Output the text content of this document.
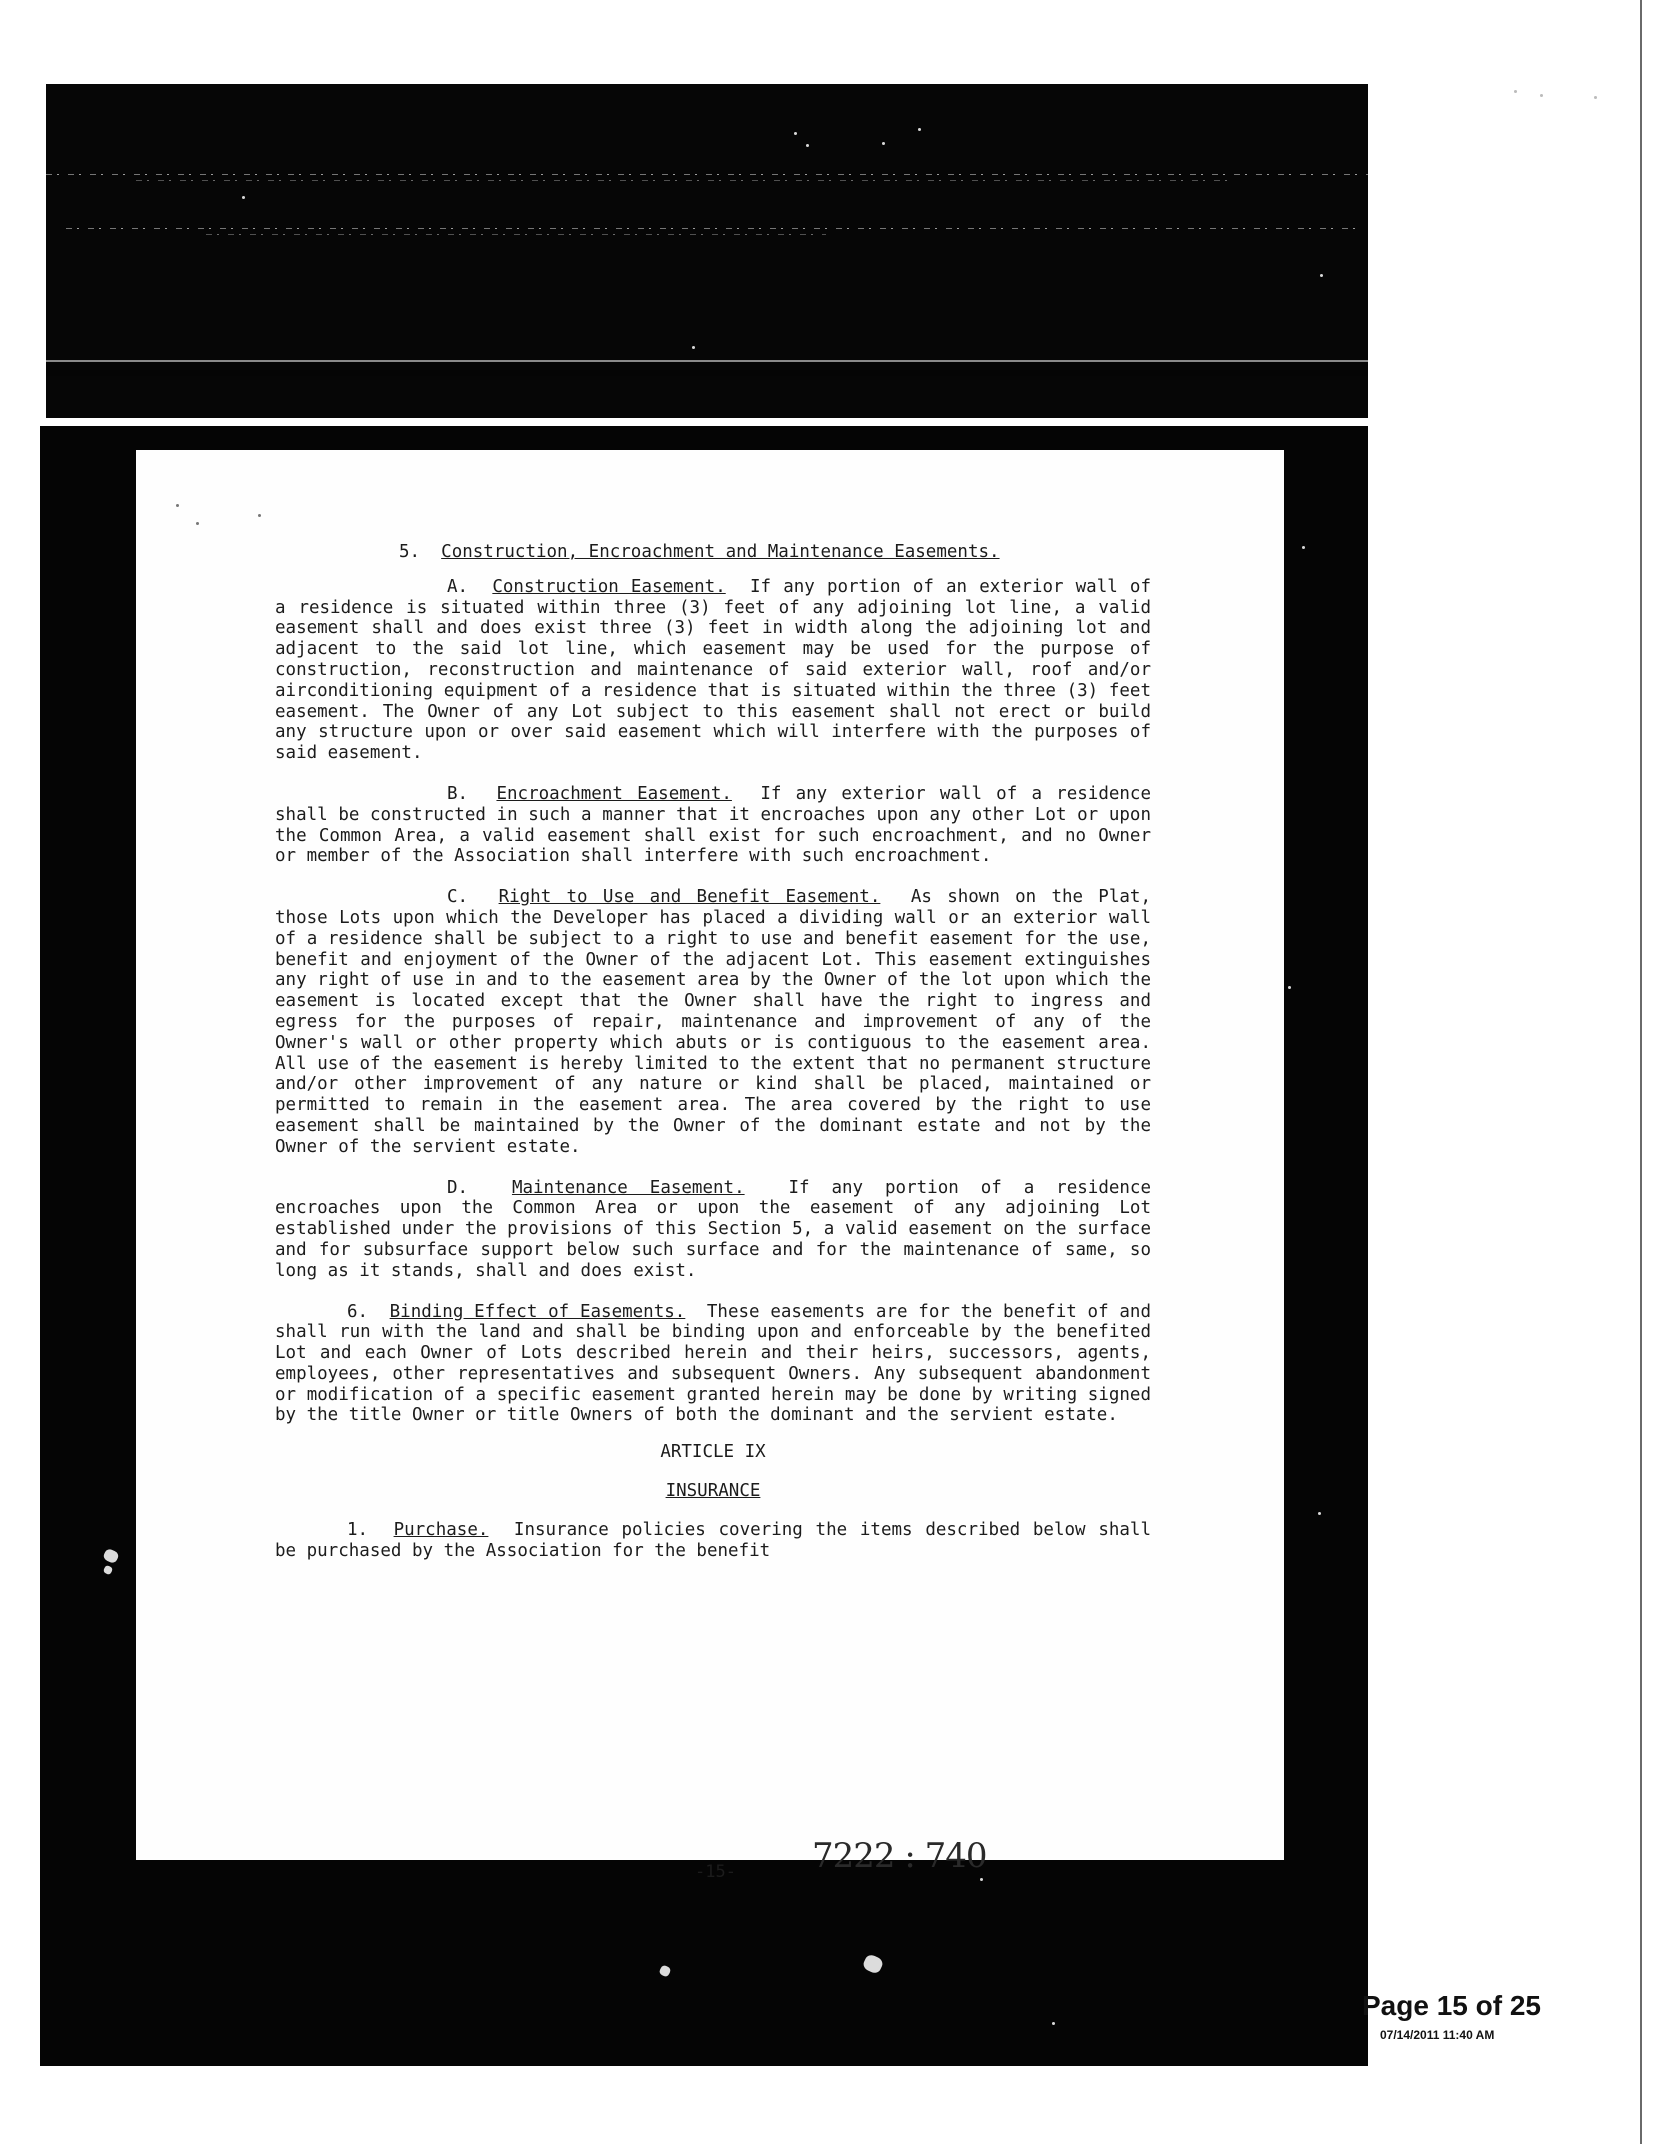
5. Construction, Encroachment and Maintenance Easements.

A. Construction Easement. If any portion of an exterior wall of a residence is situated within three (3) feet of any adjoining lot line, a valid easement shall and does exist three (3) feet in width along the adjoining lot and adjacent to the said lot line, which easement may be used for the purpose of construction, reconstruction and maintenance of said exterior wall, roof and/or airconditioning equipment of a residence that is situated within the three (3) feet easement. The Owner of any Lot subject to this easement shall not erect or build any structure upon or over said easement which will interfere with the purposes of said easement.

B. Encroachment Easement. If any exterior wall of a residence shall be constructed in such a manner that it encroaches upon any other Lot or upon the Common Area, a valid easement shall exist for such encroachment, and no Owner or member of the Association shall interfere with such encroachment.

C. Right to Use and Benefit Easement. As shown on the Plat, those Lots upon which the Developer has placed a dividing wall or an exterior wall of a residence shall be subject to a right to use and benefit easement for the use, benefit and enjoyment of the Owner of the adjacent Lot. This easement extinguishes any right of use in and to the easement area by the Owner of the lot upon which the easement is located except that the Owner shall have the right to ingress and egress for the purposes of repair, maintenance and improvement of any of the Owner's wall or other property which abuts or is contiguous to the easement area. All use of the easement is hereby limited to the extent that no permanent structure and/or other improvement of any nature or kind shall be placed, maintained or permitted to remain in the easement area. The area covered by the right to use easement shall be maintained by the Owner of the dominant estate and not by the Owner of the servient estate.

D.	Maintenance Easement.	If any portion of a residence encroaches upon the Common Area or upon the easement of any adjoining Lot established under the provisions of this Section 5, a valid easement on the surface and for subsurface support below such surface and for the maintenance of same, so long as it stands, shall and does exist.

6. Binding Effect of Easements. These easements are for the benefit of and shall run with the land and shall be binding upon and enforceable by the benefited Lot and each Owner of Lots described herein and their heirs, successors, agents, employees, other representatives and subsequent Owners. Any subsequent abandonment or modification of a specific easement granted herein may be done by writing signed by the title Owner or title Owners of both the dominant and the servient estate.

ARTICLE IX

INSURANCE

1. Purchase. Insurance policies covering the items described below shall be purchased by the Association for the benefit

-15- 7222 : 740
Page 15 of 25
07/14/2011 11:40 AM
